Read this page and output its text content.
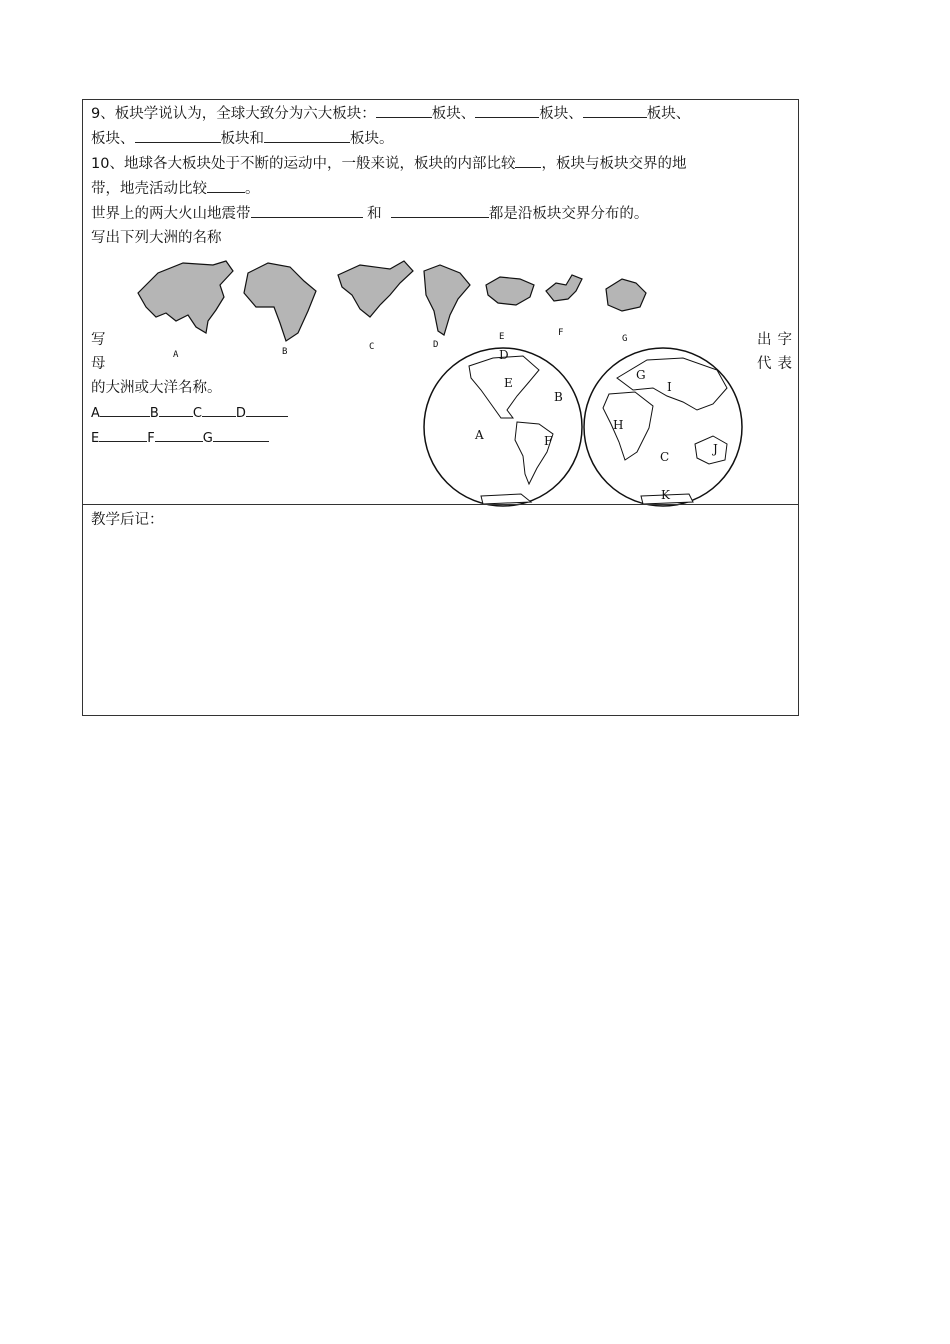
9、板块学说认为，全球大致分为六大板块：	板块、	板块、	板块、
板块、	板块和	板块。
10、地球各大板块处于不断的运动中，一般来说，板块的内部比较 ，板块与板块交界的地
带，地壳活动比较	。
世界上的两大火山地震带	和	都是沿板块交界分布的。
写出下列大洲的名称
A	B	C	D
E	F
G
写
母
出字
代表
的大洲或大洋名称。
A	B	C	D
E	F	G
D
E
B
A	F
G
I
H
C
J
K
教学后记：
